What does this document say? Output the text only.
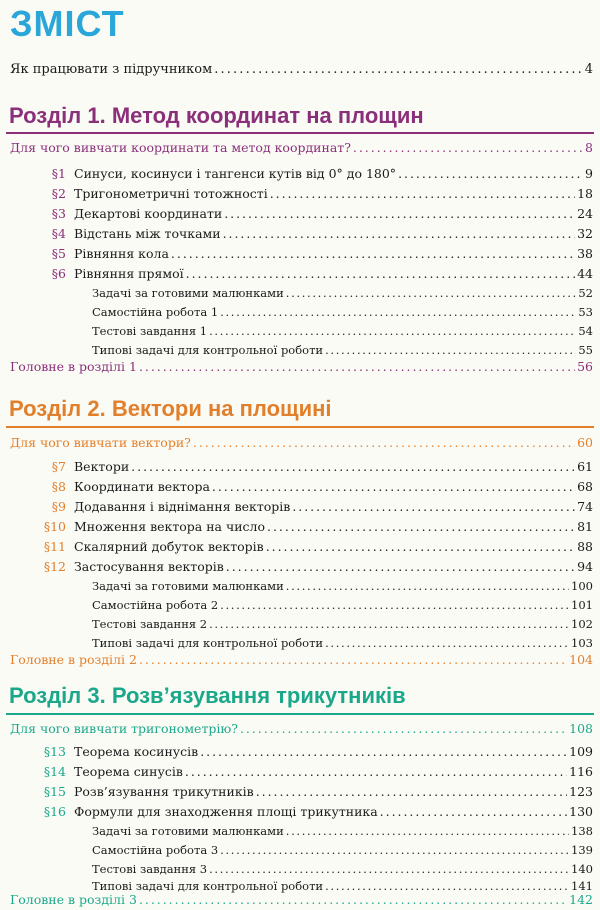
ЗМІСТ
Як працювати з підручником . . .	4
Розділ 1. Метод координат на площин
Для чого вивчати координати та метод координат? . . .	8
§1 Синуси, косинуси і тангенси кутів від 0° до 180° . . .	9
§2 Тригонометричні тотожності . . .	18
§3 Декартові координати . . .	24
§4 Відстань між точками . . .	32
§5 Рівняння кола . . .	38
§6 Рівняння прямої . . .	44
Задачі за готовими малюнками . . .	52
Самостійна робота 1 . . .	53
Тестові завдання 1 . . .	54
Типові задачі для контрольної роботи . . .	55
Головне в розділі 1 . . .	56
Розділ 2. Вектори на площині
Для чого вивчати вектори? . . .	60
§7 Вектори . . .	61
§8 Координати вектора . . .	68
§9 Додавання і віднімання векторів . . .	74
§10 Множення вектора на число . . .	81
§11 Скалярний добуток векторів . . .	88
§12 Застосування векторів . . .	94
Задачі за готовими малюнками . . .	100
Самостійна робота 2 . . .	101
Тестові завдання 2 . . .	102
Типові задачі для контрольної роботи . . .	103
Головне в розділі 2 . . .	104
Розділ 3. Розв’язування трикутників
Для чого вивчати тригонометрію? . . .	108
§13 Теорема косинусів . . .	109
§14 Теорема синусів . . .	116
§15 Розв’язування трикутників . . .	123
§16 Формули для знаходження площі трикутника . . .	130
Задачі за готовими малюнками . . .	138
Самостійна робота 3 . . .	139
Тестові завдання 3 . . .	140
Типові задачі для контрольної роботи . . .	141
Головне в розділі 3 . . .	142
